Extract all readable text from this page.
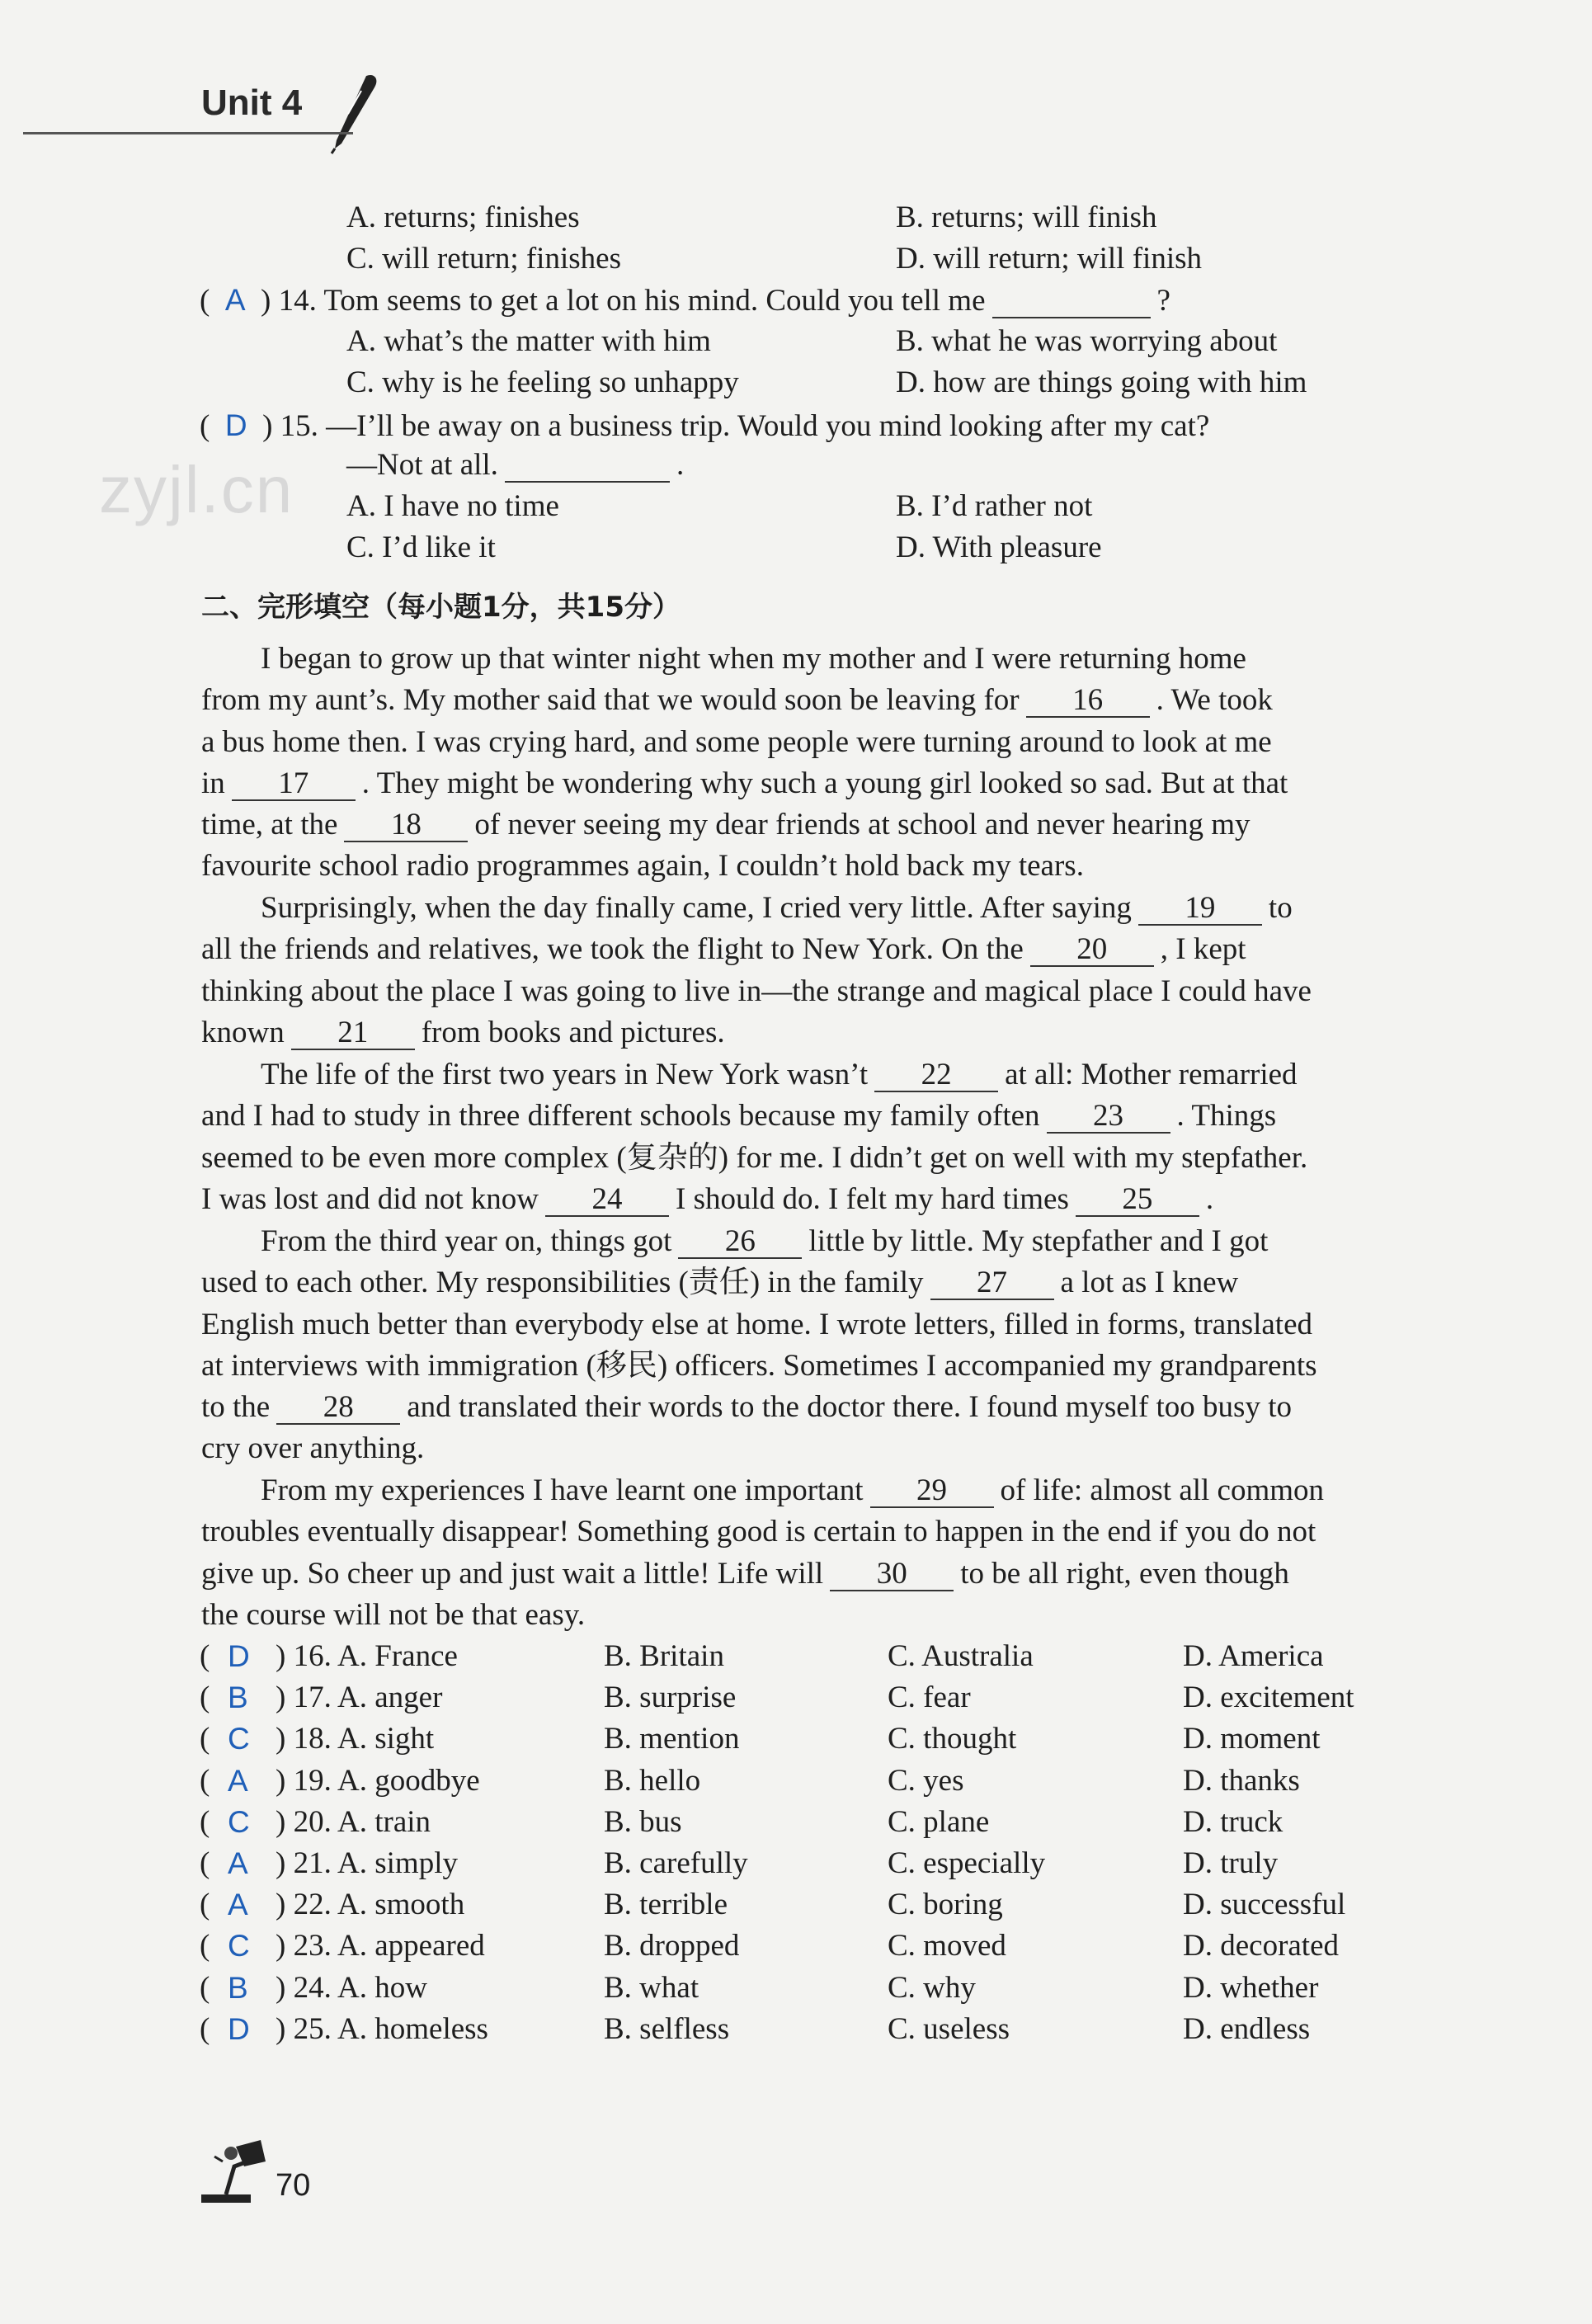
Unit 4
zyjl.cn
A. returns; finishes	B. returns; will finish
C. will return; finishes	D. will return; will finish
(  A ) 14. Tom seems to get a lot on his mind. Could you tell me	?
A. what’s the matter with him	B. what he was worrying about
C. why is he feeling so unhappy	D. how are things going with him
(  D ) 15. —I’ll be away on a business trip. Would you mind looking after my cat?
—Not at all.	.
A. I have no time	B. I’d rather not
C. I’d like it	D. With pleasure
二、完形填空（每小题1分，共15分）
I began to grow up that winter night when my mother and I were returning home
from my aunt’s. My mother said that we would soon be leaving for 16 . We took
a bus home then. I was crying hard, and some people were turning around to look at me
in 17 . They might be wondering why such a young girl looked so sad. But at that
time, at the 18 of never seeing my dear friends at school and never hearing my
favourite school radio programmes again, I couldn’t hold back my tears.
Surprisingly, when the day finally came, I cried very little. After saying 19 to
all the friends and relatives, we took the flight to New York. On the 20 , I kept
thinking about the place I was going to live in—the strange and magical place I could have
known 21 from books and pictures.
The life of the first two years in New York wasn’t 22 at all: Mother remarried
and I had to study in three different schools because my family often 23 . Things
seemed to be even more complex (复杂的) for me. I didn’t get on well with my stepfather.
I was lost and did not know 24 I should do. I felt my hard times 25 .
From the third year on, things got 26 little by little. My stepfather and I got
used to each other. My responsibilities (责任) in the family 27 a lot as I knew
English much better than everybody else at home. I wrote letters, filled in forms, translated
at interviews with immigration (移民) officers. Sometimes I accompanied my grandparents
to the 28 and translated their words to the doctor there. I found myself too busy to
cry over anything.
From my experiences I have learnt one important 29 of life: almost all common
troubles eventually disappear! Something good is certain to happen in the end if you do not
give up. So cheer up and just wait a little! Life will 30 to be all right, even though
the course will not be that easy.
( D ) 16. A. France	B. Britain	C. Australia	D. America
( B ) 17. A. anger	B. surprise	C. fear	D. excitement
( C ) 18. A. sight	B. mention	C. thought	D. moment
( A ) 19. A. goodbye	B. hello	C. yes	D. thanks
( C ) 20. A. train	B. bus	C. plane	D. truck
( A ) 21. A. simply	B. carefully	C. especially	D. truly
( A ) 22. A. smooth	B. terrible	C. boring	D. successful
( C ) 23. A. appeared	B. dropped	C. moved	D. decorated
( B ) 24. A. how	B. what	C. why	D. whether
( D ) 25. A. homeless	B. selfless	C. useless	D. endless
70
